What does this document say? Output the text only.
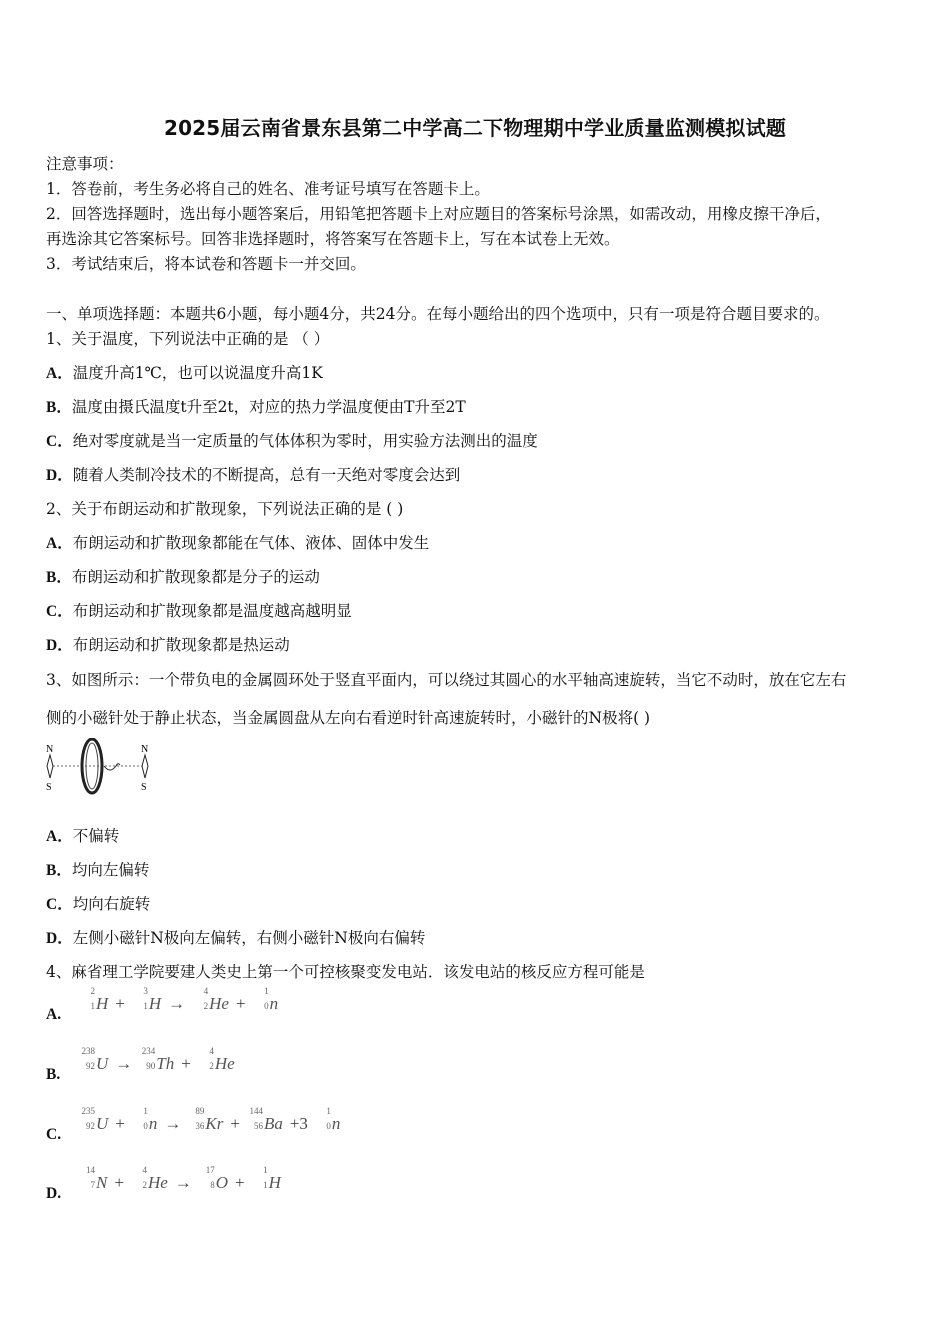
2025届云南省景东县第二中学高二下物理期中学业质量监测模拟试题
注意事项：
1．答卷前，考生务必将自己的姓名、准考证号填写在答题卡上。
2．回答选择题时，选出每小题答案后，用铅笔把答题卡上对应题目的答案标号涂黑，如需改动，用橡皮擦干净后，
再选涂其它答案标号。回答非选择题时，将答案写在答题卡上，写在本试卷上无效。
3．考试结束后，将本试卷和答题卡一并交回。
一、单项选择题：本题共6小题，每小题4分，共24分。在每小题给出的四个选项中，只有一项是符合题目要求的。
1、关于温度，下列说法中正确的是 （ ）
A．温度升高1℃，也可以说温度升高1K
B．温度由摄氏温度t升至2t，对应的热力学温度便由T升至2T
C．绝对零度就是当一定质量的气体体积为零时，用实验方法测出的温度
D．随着人类制冷技术的不断提高，总有一天绝对零度会达到
2、关于布朗运动和扩散现象，下列说法正确的是 ( )
A．布朗运动和扩散现象都能在气体、液体、固体中发生
B．布朗运动和扩散现象都是分子的运动
C．布朗运动和扩散现象都是温度越高越明显
D．布朗运动和扩散现象都是热运动
3、如图所示：一个带负电的金属圆环处于竖直平面内，可以绕过其圆心的水平轴高速旋转，当它不动时，放在它左右
侧的小磁针处于静止状态，当金属圆盘从左向右看逆时针高速旋转时，小磁针的N极将( )
N
S
N
S
A．不偏转
B．均向左偏转
C．均向右旋转
D．左侧小磁针N极向左偏转，右侧小磁针N极向右偏转
4、麻省理工学院要建人类史上第一个可控核聚变发电站．该发电站的核反应方程可能是
A.
2
1 H +
3
1 H →
4
2 He +
1
0 n
B.
238
92 U →
234
90 Th +
4
2 He
C.
235
92 U +
1
0 n →
89
36 Kr +
144
56 Ba +3
1
0 n
D.
14
7 N +
4
2 He →
17
8 O +
1
1 H
